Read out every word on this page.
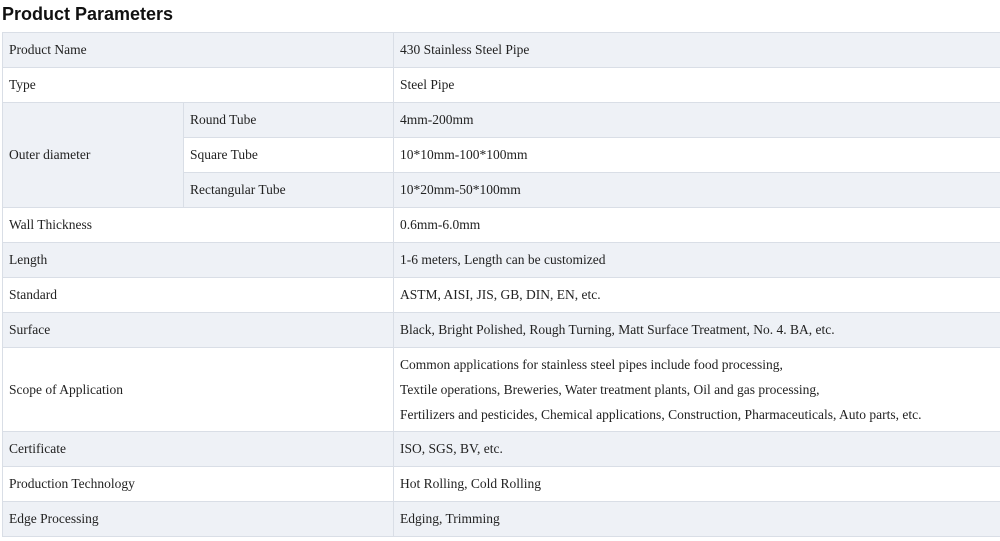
Product Parameters
Product Name		430 Stainless Steel Pipe
Type		Steel Pipe
Outer diameter	Round Tube	4mm-200mm
	Square Tube	10*10mm-100*100mm
	Rectangular Tube	10*20mm-50*100mm
Wall Thickness		0.6mm-6.0mm
Length		1-6 meters, Length can be customized
Standard		ASTM, AISI, JIS, GB, DIN, EN, etc.
Surface		Black, Bright Polished, Rough Turning, Matt Surface Treatment, No. 4. BA, etc.
Scope of Application		Common applications for stainless steel pipes include food processing,
Textile operations, Breweries, Water treatment plants, Oil and gas processing,
Fertilizers and pesticides, Chemical applications, Construction, Pharmaceuticals, Auto parts, etc.

Certificate		ISO, SGS, BV, etc.
Production Technology		Hot Rolling, Cold Rolling
Edge Processing		Edging, Trimming
